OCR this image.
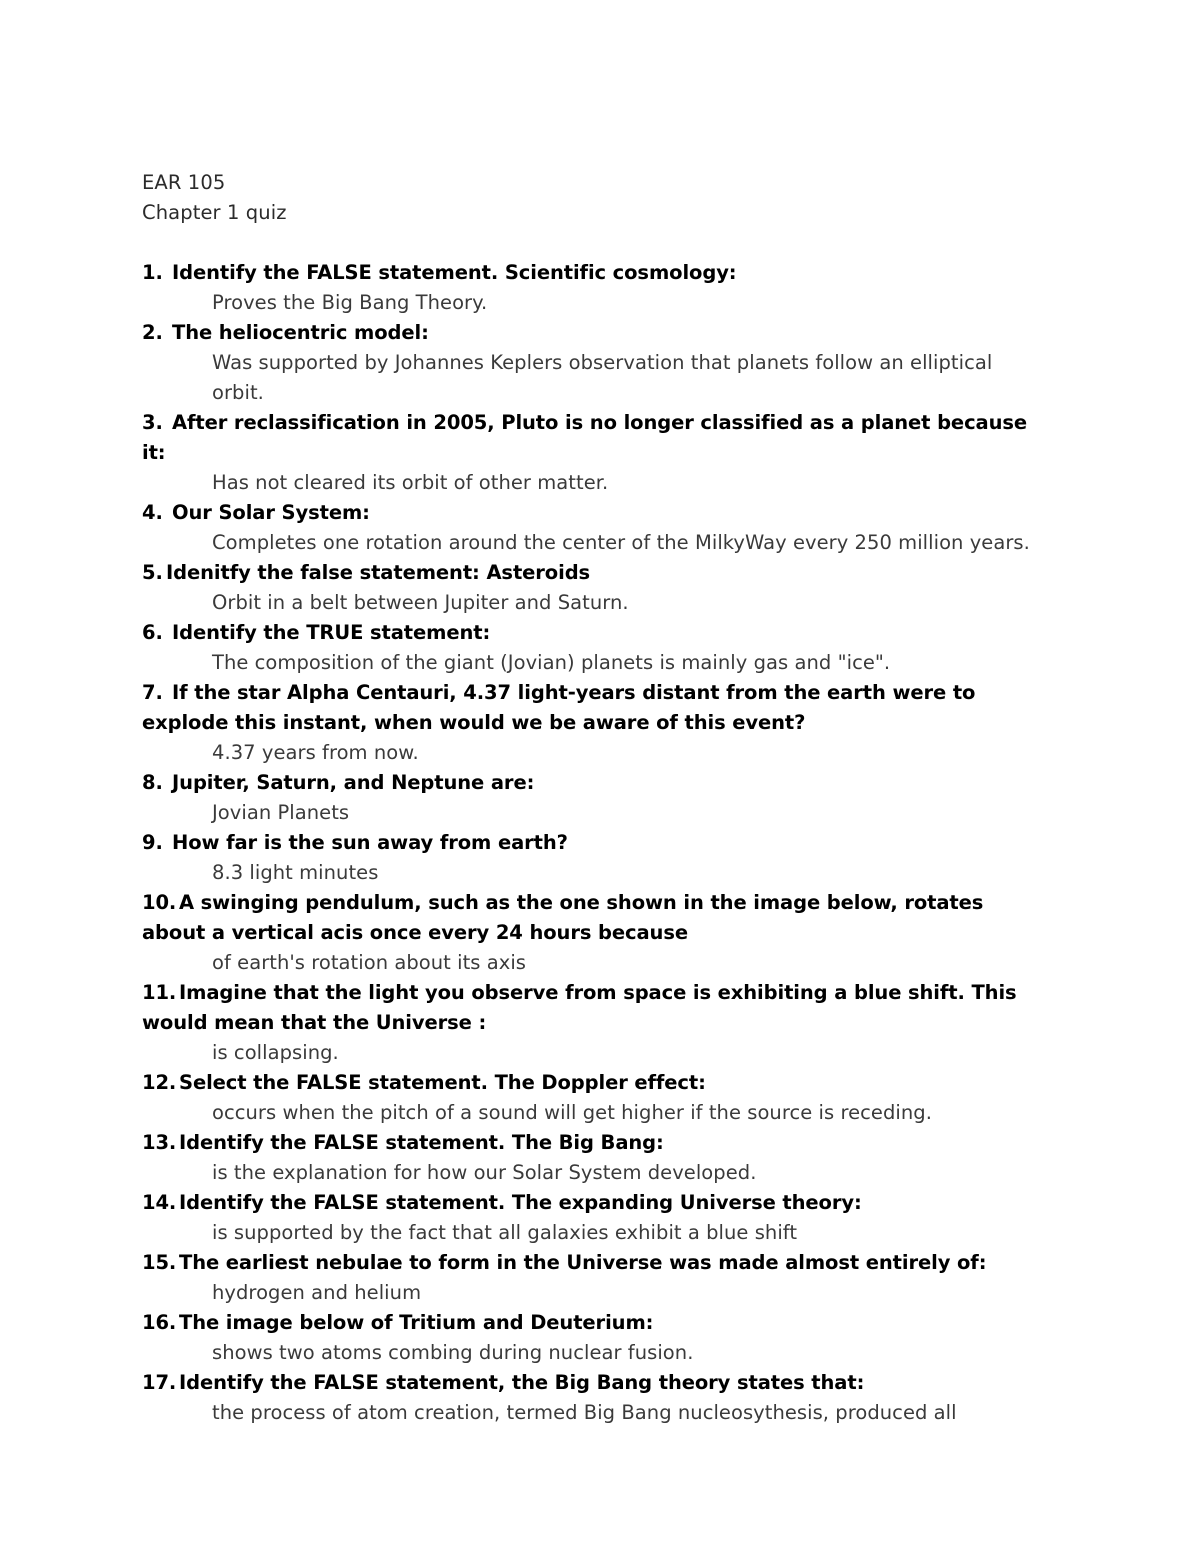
EAR 105
Chapter 1 quiz
1. Identify the FALSE statement. Scientific cosmology:
Proves the Big Bang Theory.
2. The heliocentric model:
Was supported by Johannes Keplers observation that planets follow an elliptical orbit.
3. After reclassification in 2005, Pluto is no longer classified as a planet because it:
Has not cleared its orbit of other matter.
4. Our Solar System:
Completes one rotation around the center of the MilkyWay every 250 million years.
5. Idenitfy the false statement: Asteroids
Orbit in a belt between Jupiter and Saturn.
6. Identify the TRUE statement:
The composition of the giant (Jovian) planets is mainly gas and "ice".
7. If the star Alpha Centauri, 4.37 light-years distant from the earth were to explode this instant, when would we be aware of this event?
4.37 years from now.
8. Jupiter, Saturn, and Neptune are:
Jovian Planets
9. How far is the sun away from earth?
8.3 light minutes
10. A swinging pendulum, such as the one shown in the image below, rotates about a vertical acis once every 24 hours because
of earth's rotation about its axis
11. Imagine that the light you observe from space is exhibiting a blue shift. This would mean that the Universe :
is collapsing.
12. Select the FALSE statement. The Doppler effect:
occurs when the pitch of a sound will get higher if the source is receding.
13. Identify the FALSE statement. The Big Bang:
is the explanation for how our Solar System developed.
14. Identify the FALSE statement. The expanding Universe theory:
is supported by the fact that all galaxies exhibit a blue shift
15. The earliest nebulae to form in the Universe was made almost entirely of:
hydrogen and helium
16. The image below of Tritium and Deuterium:
shows two atoms combing during nuclear fusion.
17. Identify the FALSE statement, the Big Bang theory states that:
the process of atom creation, termed Big Bang nucleosythesis, produced all
